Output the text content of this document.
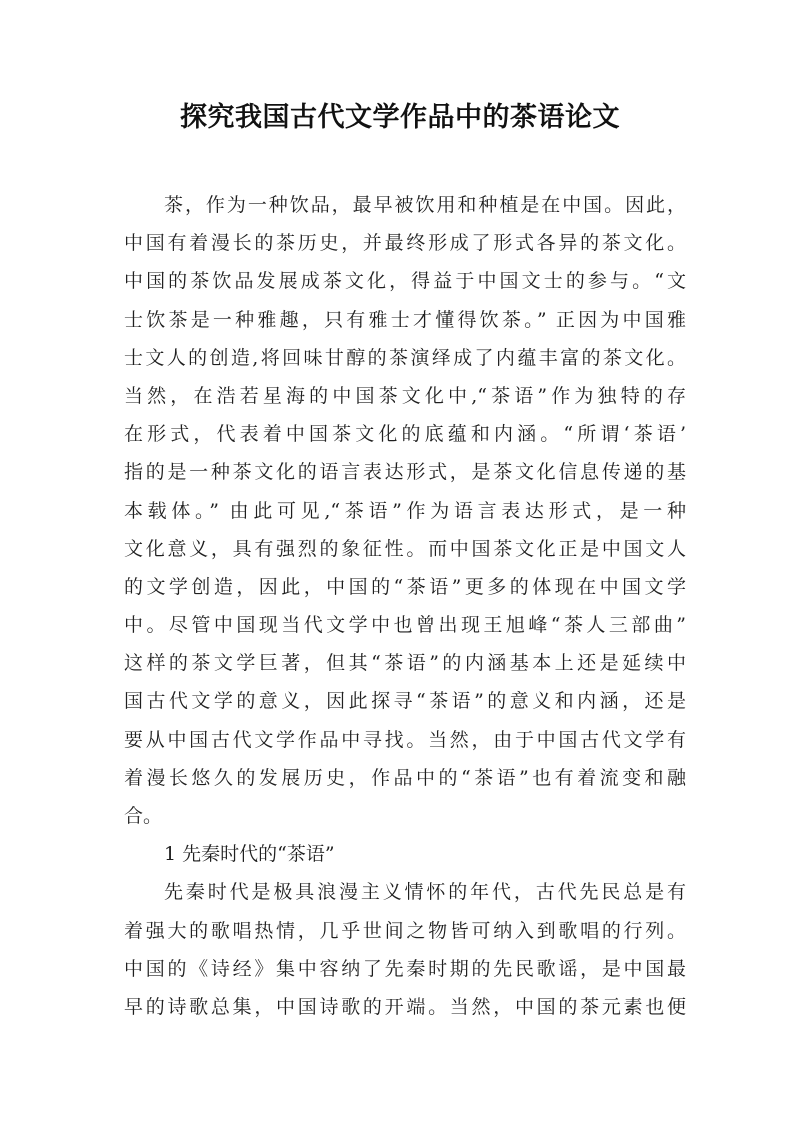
探究我国古代文学作品中的茶语论文
茶，作为一种饮品，最早被饮用和种植是在中国。因此，
中国有着漫长的茶历史，并最终形成了形式各异的茶文化。
中国的茶饮品发展成茶文化，得益于中国文士的参与。“文
士饮茶是一种雅趣，只有雅士才懂得饮茶。” 正因为中国雅
士文人的创造,将回味甘醇的茶演绎成了内蕴丰富的茶文化。
当然，在浩若星海的中国茶文化中,“茶语”作为独特的存
在形式，代表着中国茶文化的底蕴和内涵。“所谓‘茶语’
指的是一种茶文化的语言表达形式，是茶文化信息传递的基
本载体。” 由此可见,“茶语”作为语言表达形式，是一种
文化意义，具有强烈的象征性。而中国茶文化正是中国文人
的文学创造，因此，中国的“茶语”更多的体现在中国文学
中。尽管中国现当代文学中也曾出现王旭峰“茶人三部曲”
这样的茶文学巨著，但其“茶语”的内涵基本上还是延续中
国古代文学的意义，因此探寻“茶语”的意义和内涵，还是
要从中国古代文学作品中寻找。当然，由于中国古代文学有
着漫长悠久的发展历史，作品中的“茶语”也有着流变和融
合。
1 先秦时代的“茶语”
先秦时代是极具浪漫主义情怀的年代，古代先民总是有
着强大的歌唱热情，几乎世间之物皆可纳入到歌唱的行列。
中国的《诗经》集中容纳了先秦时期的先民歌谣，是中国最
早的诗歌总集，中国诗歌的开端。当然，中国的茶元素也便
